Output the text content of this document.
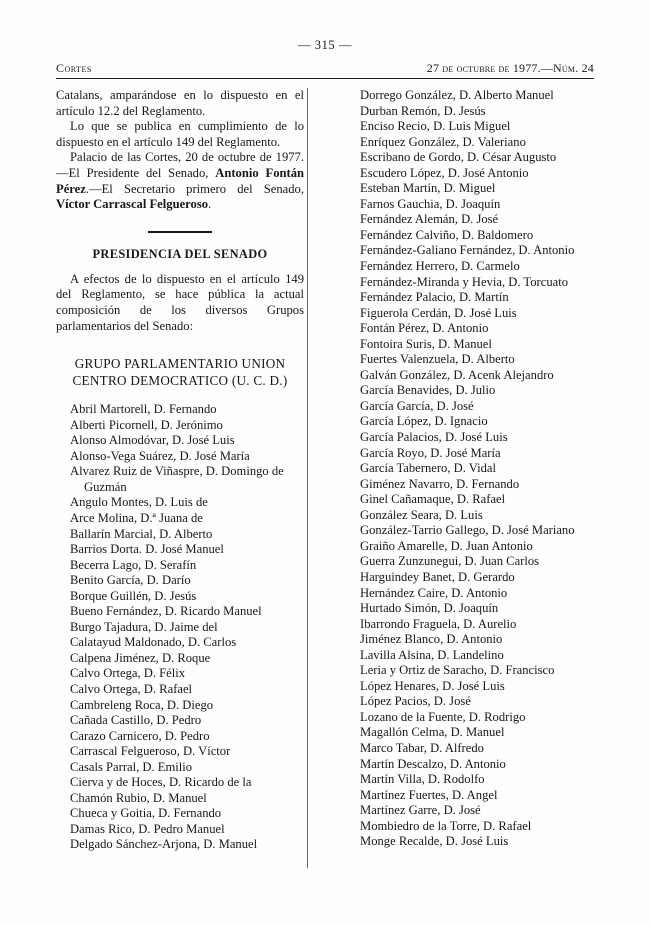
— 315 —
Cortes	27 de octubre de 1977.—Núm. 24

Catalans, amparándose en lo dispuesto en el artículo 12.2 del Reglamento.

Lo que se publica en cumplimiento de lo dispuesto en el artículo 149 del Reglamento.

Palacio de las Cortes, 20 de octubre de 1977.—El Presidente del Senado, Antonio Fontán Pérez.—El Secretario primero del Senado, Víctor Carrascal Felgueroso.

PRESIDENCIA DEL SENADO

A efectos de lo dispuesto en el artículo 149 del Reglamento, se hace pública la actual composición de los diversos Grupos parlamentarios del Senado:

GRUPO PARLAMENTARIO UNION CENTRO DEMOCRATICO (U. C. D.)
Abril Martorell, D. Fernando
Alberti Picornell, D. Jerónimo
Alonso Almodóvar, D. José Luis
Alonso-Vega Suárez, D. José María
Alvarez Ruiz de Viñaspre, D. Domingo de Guzmán
Angulo Montes, D. Luis de
Arce Molina, D.ª Juana de
Ballarín Marcial, D. Alberto
Barrios Dorta. D. José Manuel
Becerra Lago, D. Serafín
Benito García, D. Darío
Borque Guillén, D. Jesús
Bueno Fernández, D. Ricardo Manuel
Burgo Tajadura, D. Jaime del
Calatayud Maldonado, D. Carlos
Calpena Jiménez, D. Roque
Calvo Ortega, D. Félix
Calvo Ortega, D. Rafael
Cambreleng Roca, D. Diego
Cañada Castillo, D. Pedro
Carazo Carnicero, D. Pedro
Carrascal Felgueroso, D. Víctor
Casals Parral, D. Emilio
Cierva y de Hoces, D. Ricardo de la
Chamón Rubio, D. Manuel
Chueca y Goitia, D. Fernando
Damas Rico, D. Pedro Manuel
Delgado Sánchez-Arjona, D. Manuel
Dorrego González, D. Alberto Manuel
Durban Remón, D. Jesús
Enciso Recio, D. Luis Miguel
Enríquez González, D. Valeriano
Escribano de Gordo, D. César Augusto
Escudero López, D. José Antonio
Esteban Martín, D. Miguel
Farnos Gauchia, D. Joaquín
Fernández Alemán, D. José
Fernández Calviño, D. Baldomero
Fernández-Galiano Fernández, D. Antonio
Fernández Herrero, D. Carmelo
Fernández-Miranda y Hevia, D. Torcuato
Fernández Palacio, D. Martín
Figuerola Cerdán, D. José Luis
Fontán Pérez, D. Antonio
Fontoira Suris, D. Manuel
Fuertes Valenzuela, D. Alberto
Galván González, D. Acenk Alejandro
García Benavides, D. Julio
García García, D. José
García López, D. Ignacio
García Palacios, D. José Luis
García Royo, D. José María
García Tabernero, D. Vidal
Giménez Navarro, D. Fernando
Ginel Cañamaque, D. Rafael
González Seara, D. Luis
González-Tarrio Gallego, D. José Mariano
Graiño Amarelle, D. Juan Antonio
Guerra Zunzunegui, D. Juan Carlos
Harguindey Banet, D. Gerardo
Hernández Caire, D. Antonio
Hurtado Simón, D. Joaquín
Ibarrondo Fraguela, D. Aurelio
Jiménez Blanco, D. Antonio
Lavilla Alsina, D. Landelino
Leria y Ortiz de Saracho, D. Francisco
López Henares, D. José Luis
López Pacios, D. José
Lozano de la Fuente, D. Rodrigo
Magallón Celma, D. Manuel
Marco Tabar, D. Alfredo
Martín Descalzo, D. Antonio
Martín Villa, D. Rodolfo
Martínez Fuertes, D. Angel
Martínez Garre, D. José
Mombiedro de la Torre, D. Rafael
Monge Recalde, D. José Luis
